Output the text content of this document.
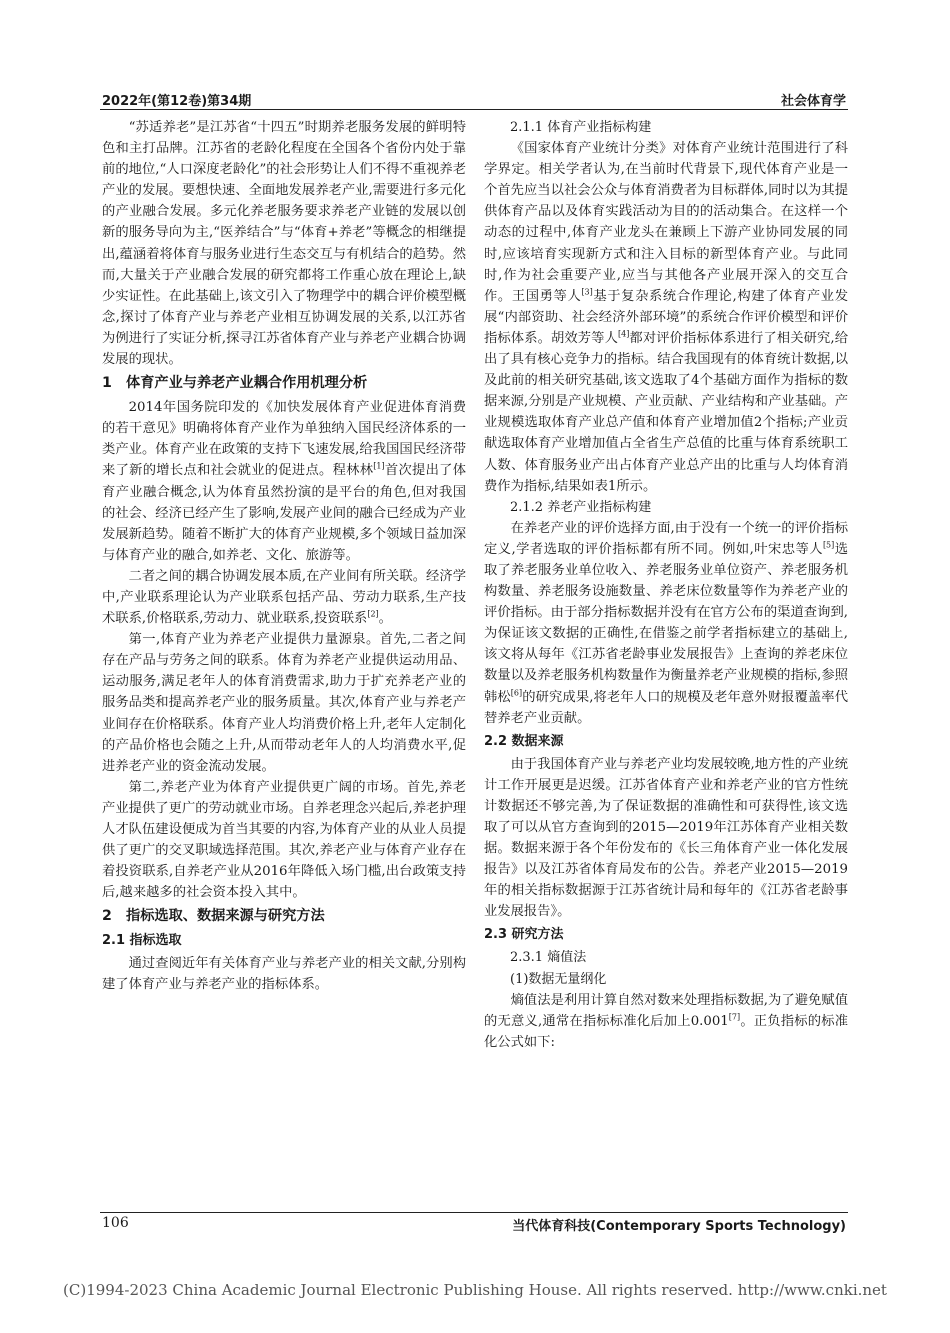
2022年(第12卷)第34期	社会体育学

“苏适养老”是江苏省“十四五”时期养老服务发展的鲜明特色和主打品牌。江苏省的老龄化程度在全国各个省份内处于靠前的地位,“人口深度老龄化”的社会形势让人们不得不重视养老产业的发展。要想快速、全面地发展养老产业,需要进行多元化的产业融合发展。多元化养老服务要求养老产业链的发展以创新的服务导向为主,“医养结合”与“体育+养老”等概念的相继提出,蕴涵着将体育与服务业进行生态交互与有机结合的趋势。然而,大量关于产业融合发展的研究都将工作重心放在理论上,缺少实证性。在此基础上,该文引入了物理学中的耦合评价模型概念,探讨了体育产业与养老产业相互协调发展的关系,以江苏省为例进行了实证分析,探寻江苏省体育产业与养老产业耦合协调发展的现状。

1　体育产业与养老产业耦合作用机理分析

2014年国务院印发的《加快发展体育产业促进体育消费的若干意见》明确将体育产业作为单独纳入国民经济体系的一类产业。体育产业在政策的支持下飞速发展,给我国国民经济带来了新的增长点和社会就业的促进点。程林林[1]首次提出了体育产业融合概念,认为体育虽然扮演的是平台的角色,但对我国的社会、经济已经产生了影响,发展产业间的融合已经成为产业发展新趋势。随着不断扩大的体育产业规模,多个领域日益加深与体育产业的融合,如养老、文化、旅游等。

二者之间的耦合协调发展本质,在产业间有所关联。经济学中,产业联系理论认为产业联系包括产品、劳动力联系,生产技术联系,价格联系,劳动力、就业联系,投资联系[2]。

第一,体育产业为养老产业提供力量源泉。首先,二者之间存在产品与劳务之间的联系。体育为养老产业提供运动用品、运动服务,满足老年人的体育消费需求,助力于扩充养老产业的服务品类和提高养老产业的服务质量。其次,体育产业与养老产业间存在价格联系。体育产业人均消费价格上升,老年人定制化的产品价格也会随之上升,从而带动老年人的人均消费水平,促进养老产业的资金流动发展。

第二,养老产业为体育产业提供更广阔的市场。首先,养老产业提供了更广的劳动就业市场。自养老理念兴起后,养老护理人才队伍建设便成为首当其要的内容,为体育产业的从业人员提供了更广的交叉职域选择范围。其次,养老产业与体育产业存在着投资联系,自养老产业从2016年降低入场门槛,出台政策支持后,越来越多的社会资本投入其中。

2　指标选取、数据来源与研究方法
2.1 指标选取

通过查阅近年有关体育产业与养老产业的相关文献,分别构建了体育产业与养老产业的指标体系。

2.1.1 体育产业指标构建

《国家体育产业统计分类》对体育产业统计范围进行了科学界定。相关学者认为,在当前时代背景下,现代体育产业是一个首先应当以社会公众与体育消费者为目标群体,同时以为其提供体育产品以及体育实践活动为目的的活动集合。在这样一个动态的过程中,体育产业龙头在兼顾上下游产业协同发展的同时,应该培育实现新方式和注入目标的新型体育产业。与此同时,作为社会重要产业,应当与其他各产业展开深入的交互合作。王国勇等人[3]基于复杂系统合作理论,构建了体育产业发展“内部资助、社会经济外部环境”的系统合作评价模型和评价指标体系。胡效芳等人[4]都对评价指标体系进行了相关研究,给出了具有核心竞争力的指标。结合我国现有的体育统计数据,以及此前的相关研究基础,该文选取了4个基础方面作为指标的数据来源,分别是产业规模、产业贡献、产业结构和产业基础。产业规模选取体育产业总产值和体育产业增加值2个指标;产业贡献选取体育产业增加值占全省生产总值的比重与体育系统职工人数、体育服务业产出占体育产业总产出的比重与人均体育消费作为指标,结果如表1所示。

2.1.2 养老产业指标构建

在养老产业的评价选择方面,由于没有一个统一的评价指标定义,学者选取的评价指标都有所不同。例如,叶宋忠等人[5]选取了养老服务业单位收入、养老服务业单位资产、养老服务机构数量、养老服务设施数量、养老床位数量等作为养老产业的评价指标。由于部分指标数据并没有在官方公布的渠道查询到,为保证该文数据的正确性,在借鉴之前学者指标建立的基础上,该文将从每年《江苏省老龄事业发展报告》上查询的养老床位数量以及养老服务机构数量作为衡量养老产业规模的指标,参照韩松[6]的研究成果,将老年人口的规模及老年意外财报覆盖率代替养老产业贡献。

2.2 数据来源

由于我国体育产业与养老产业均发展较晚,地方性的产业统计工作开展更是迟缓。江苏省体育产业和养老产业的官方性统计数据还不够完善,为了保证数据的准确性和可获得性,该文选取了可以从官方查询到的2015—2019年江苏体育产业相关数据。数据来源于各个年份发布的《长三角体育产业一体化发展报告》以及江苏省体育局发布的公告。养老产业2015—2019年的相关指标数据源于江苏省统计局和每年的《江苏省老龄事业发展报告》。

2.3 研究方法
2.3.1 熵值法
(1)数据无量纲化

熵值法是利用计算自然对数来处理指标数据,为了避免赋值的无意义,通常在指标标准化后加上0.001[7]。正负指标的标准化公式如下:

106	当代体育科技(Contemporary Sports Technology)
(C)1994-2023 China Academic Journal Electronic Publishing House. All rights reserved. http://www.cnki.net
